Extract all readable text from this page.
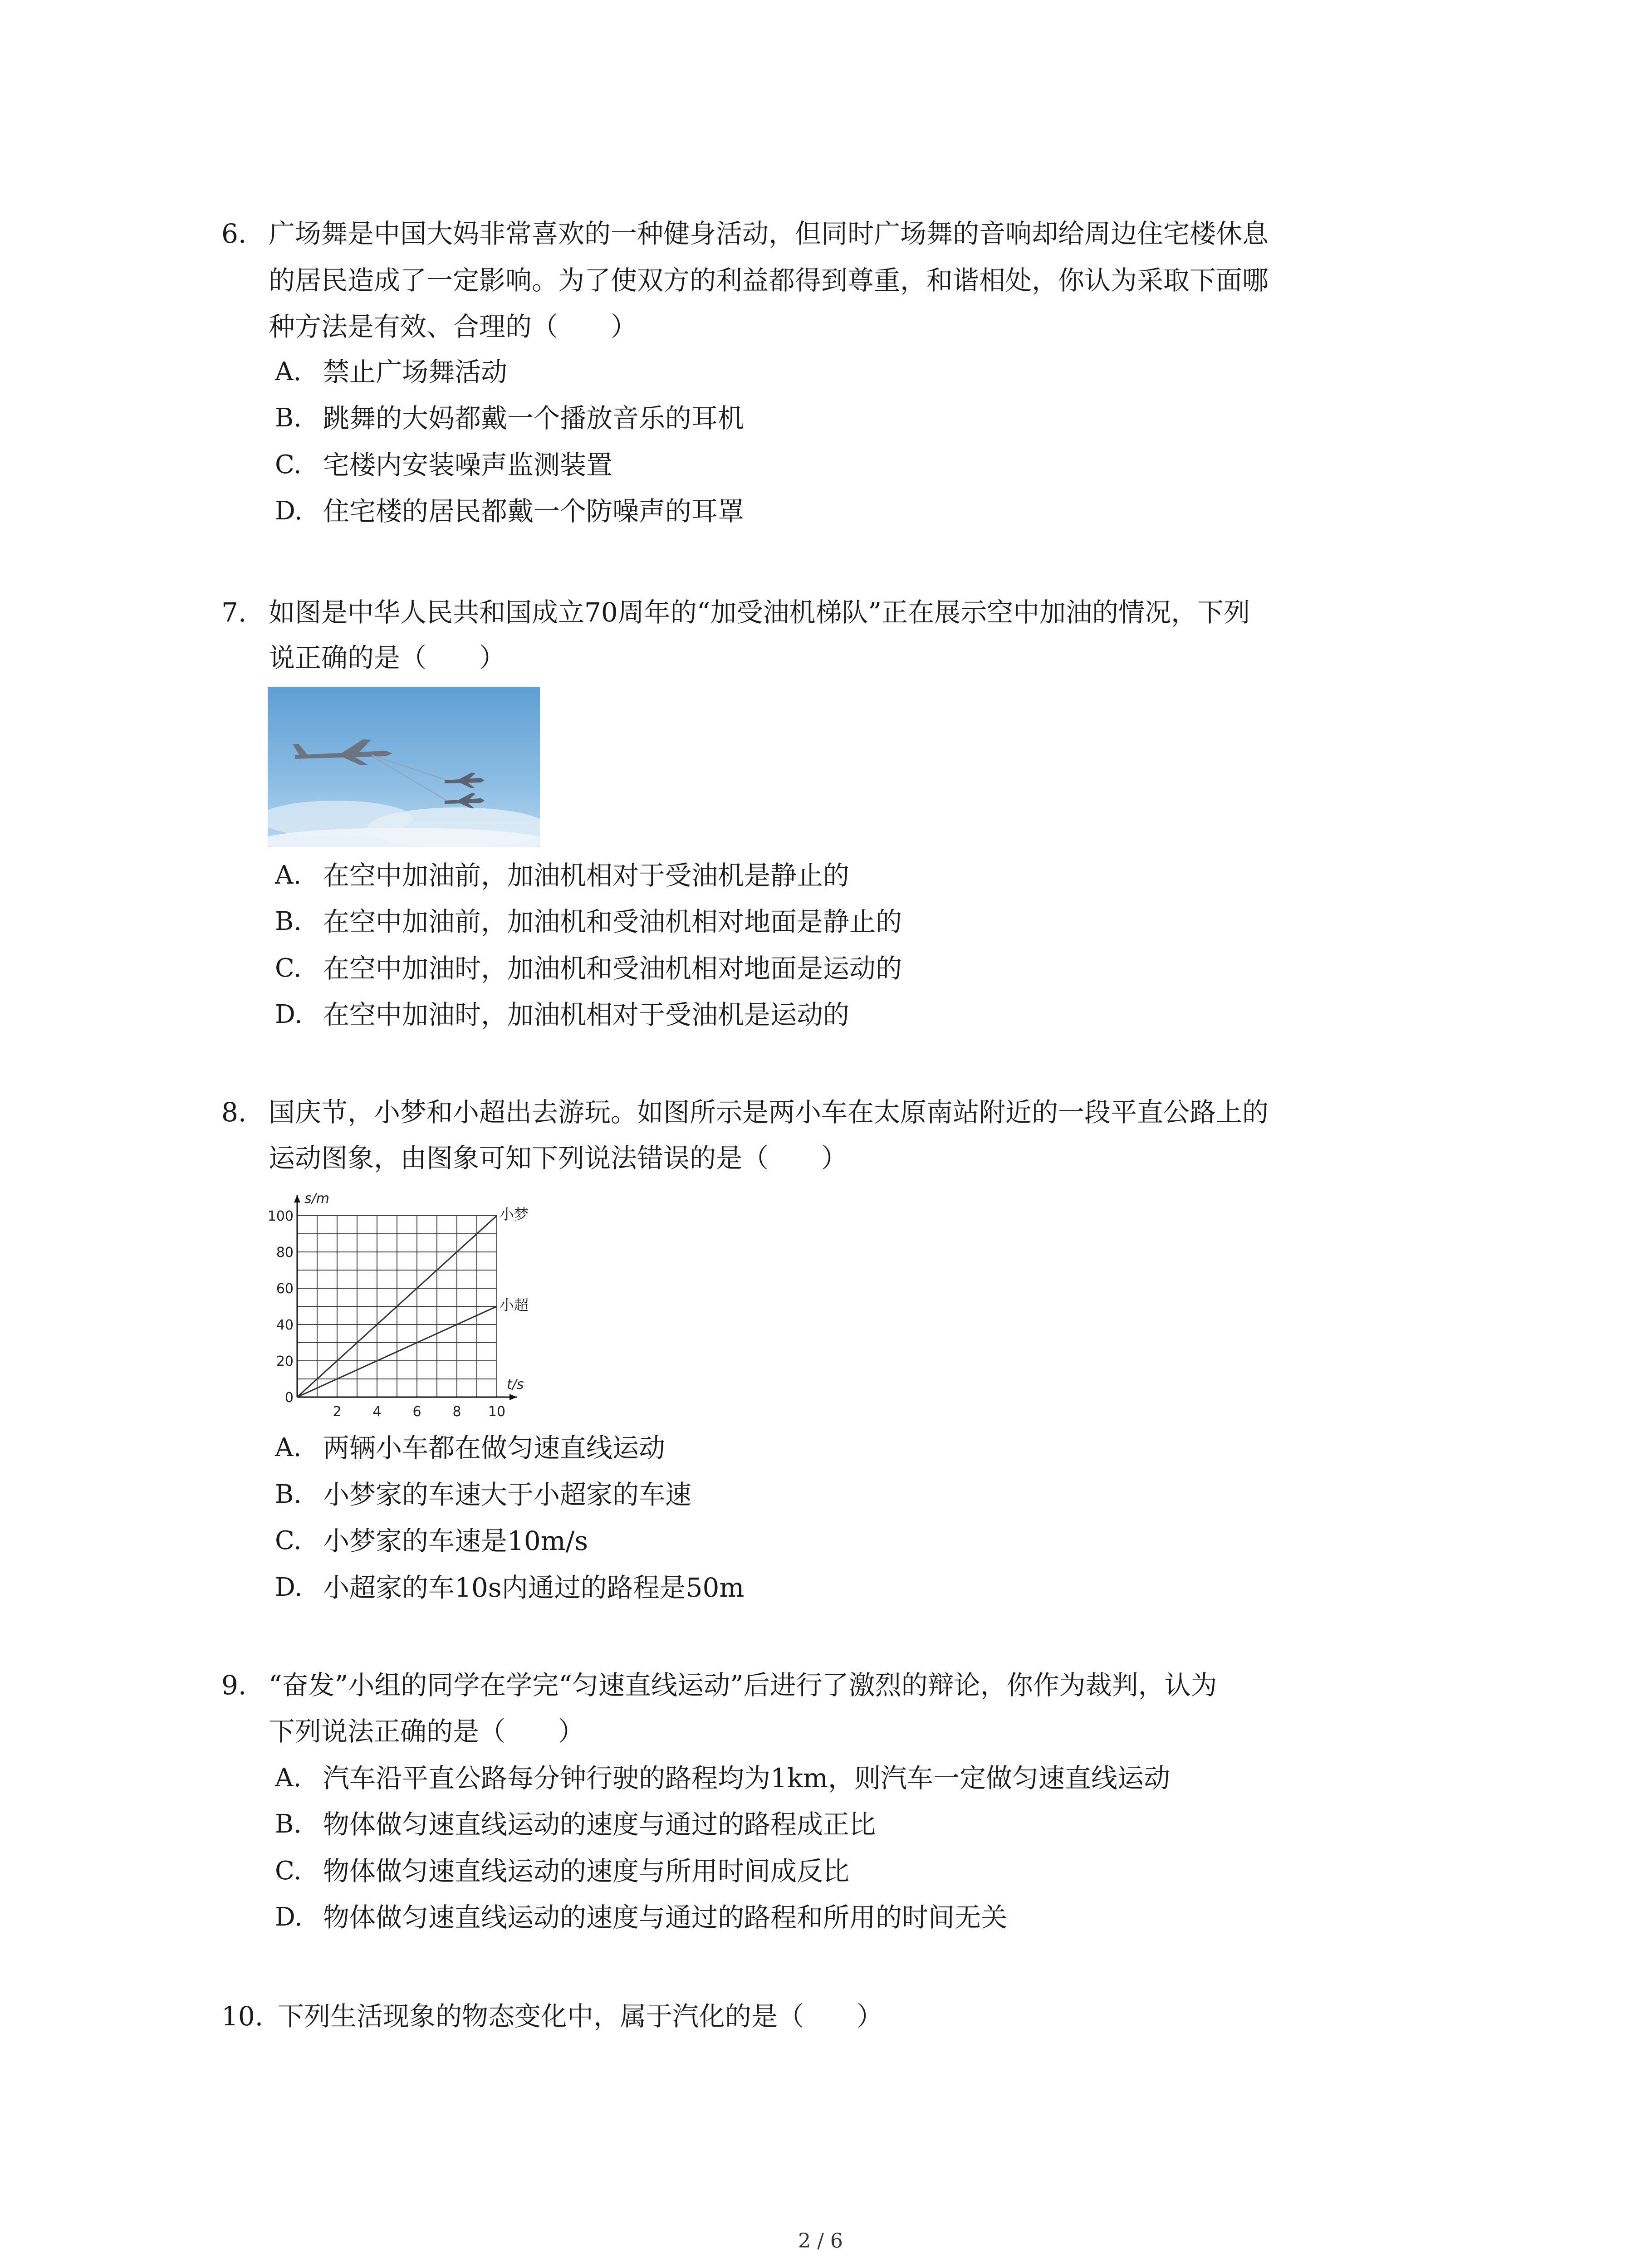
6. 广场舞是中国大妈非常喜欢的一种健身活动，但同时广场舞的音响却给周边住宅楼休息
的居民造成了一定影响。为了使双方的利益都得到尊重，和谐相处，你认为采取下面哪
种方法是有效、合理的（　　）
A. 禁止广场舞活动
B. 跳舞的大妈都戴一个播放音乐的耳机
C. 宅楼内安装噪声监测装置
D. 住宅楼的居民都戴一个防噪声的耳罩
7. 如图是中华人民共和国成立70周年的“加受油机梯队”正在展示空中加油的情况，下列
说正确的是（　　）
A. 在空中加油前，加油机相对于受油机是静止的
B. 在空中加油前，加油机和受油机相对地面是静止的
C. 在空中加油时，加油机和受油机相对地面是运动的
D. 在空中加油时，加油机相对于受油机是运动的
8. 国庆节，小梦和小超出去游玩。如图所示是两小车在太原南站附近的一段平直公路上的
运动图象，由图象可知下列说法错误的是（　　）
s/m
t/s
0
20
40
60
80
100
2 4 6 8 10
小梦
小超
A. 两辆小车都在做匀速直线运动
B. 小梦家的车速大于小超家的车速
C. 小梦家的车速是10m/s
D. 小超家的车10s内通过的路程是50m
9. “奋发”小组的同学在学完“匀速直线运动”后进行了激烈的辩论，你作为裁判，认为
下列说法正确的是（　　）
A. 汽车沿平直公路每分钟行驶的路程均为1km，则汽车一定做匀速直线运动
B. 物体做匀速直线运动的速度与通过的路程成正比
C. 物体做匀速直线运动的速度与所用时间成反比
D. 物体做匀速直线运动的速度与通过的路程和所用的时间无关
10. 下列生活现象的物态变化中，属于汽化的是（　　）
2 / 6
